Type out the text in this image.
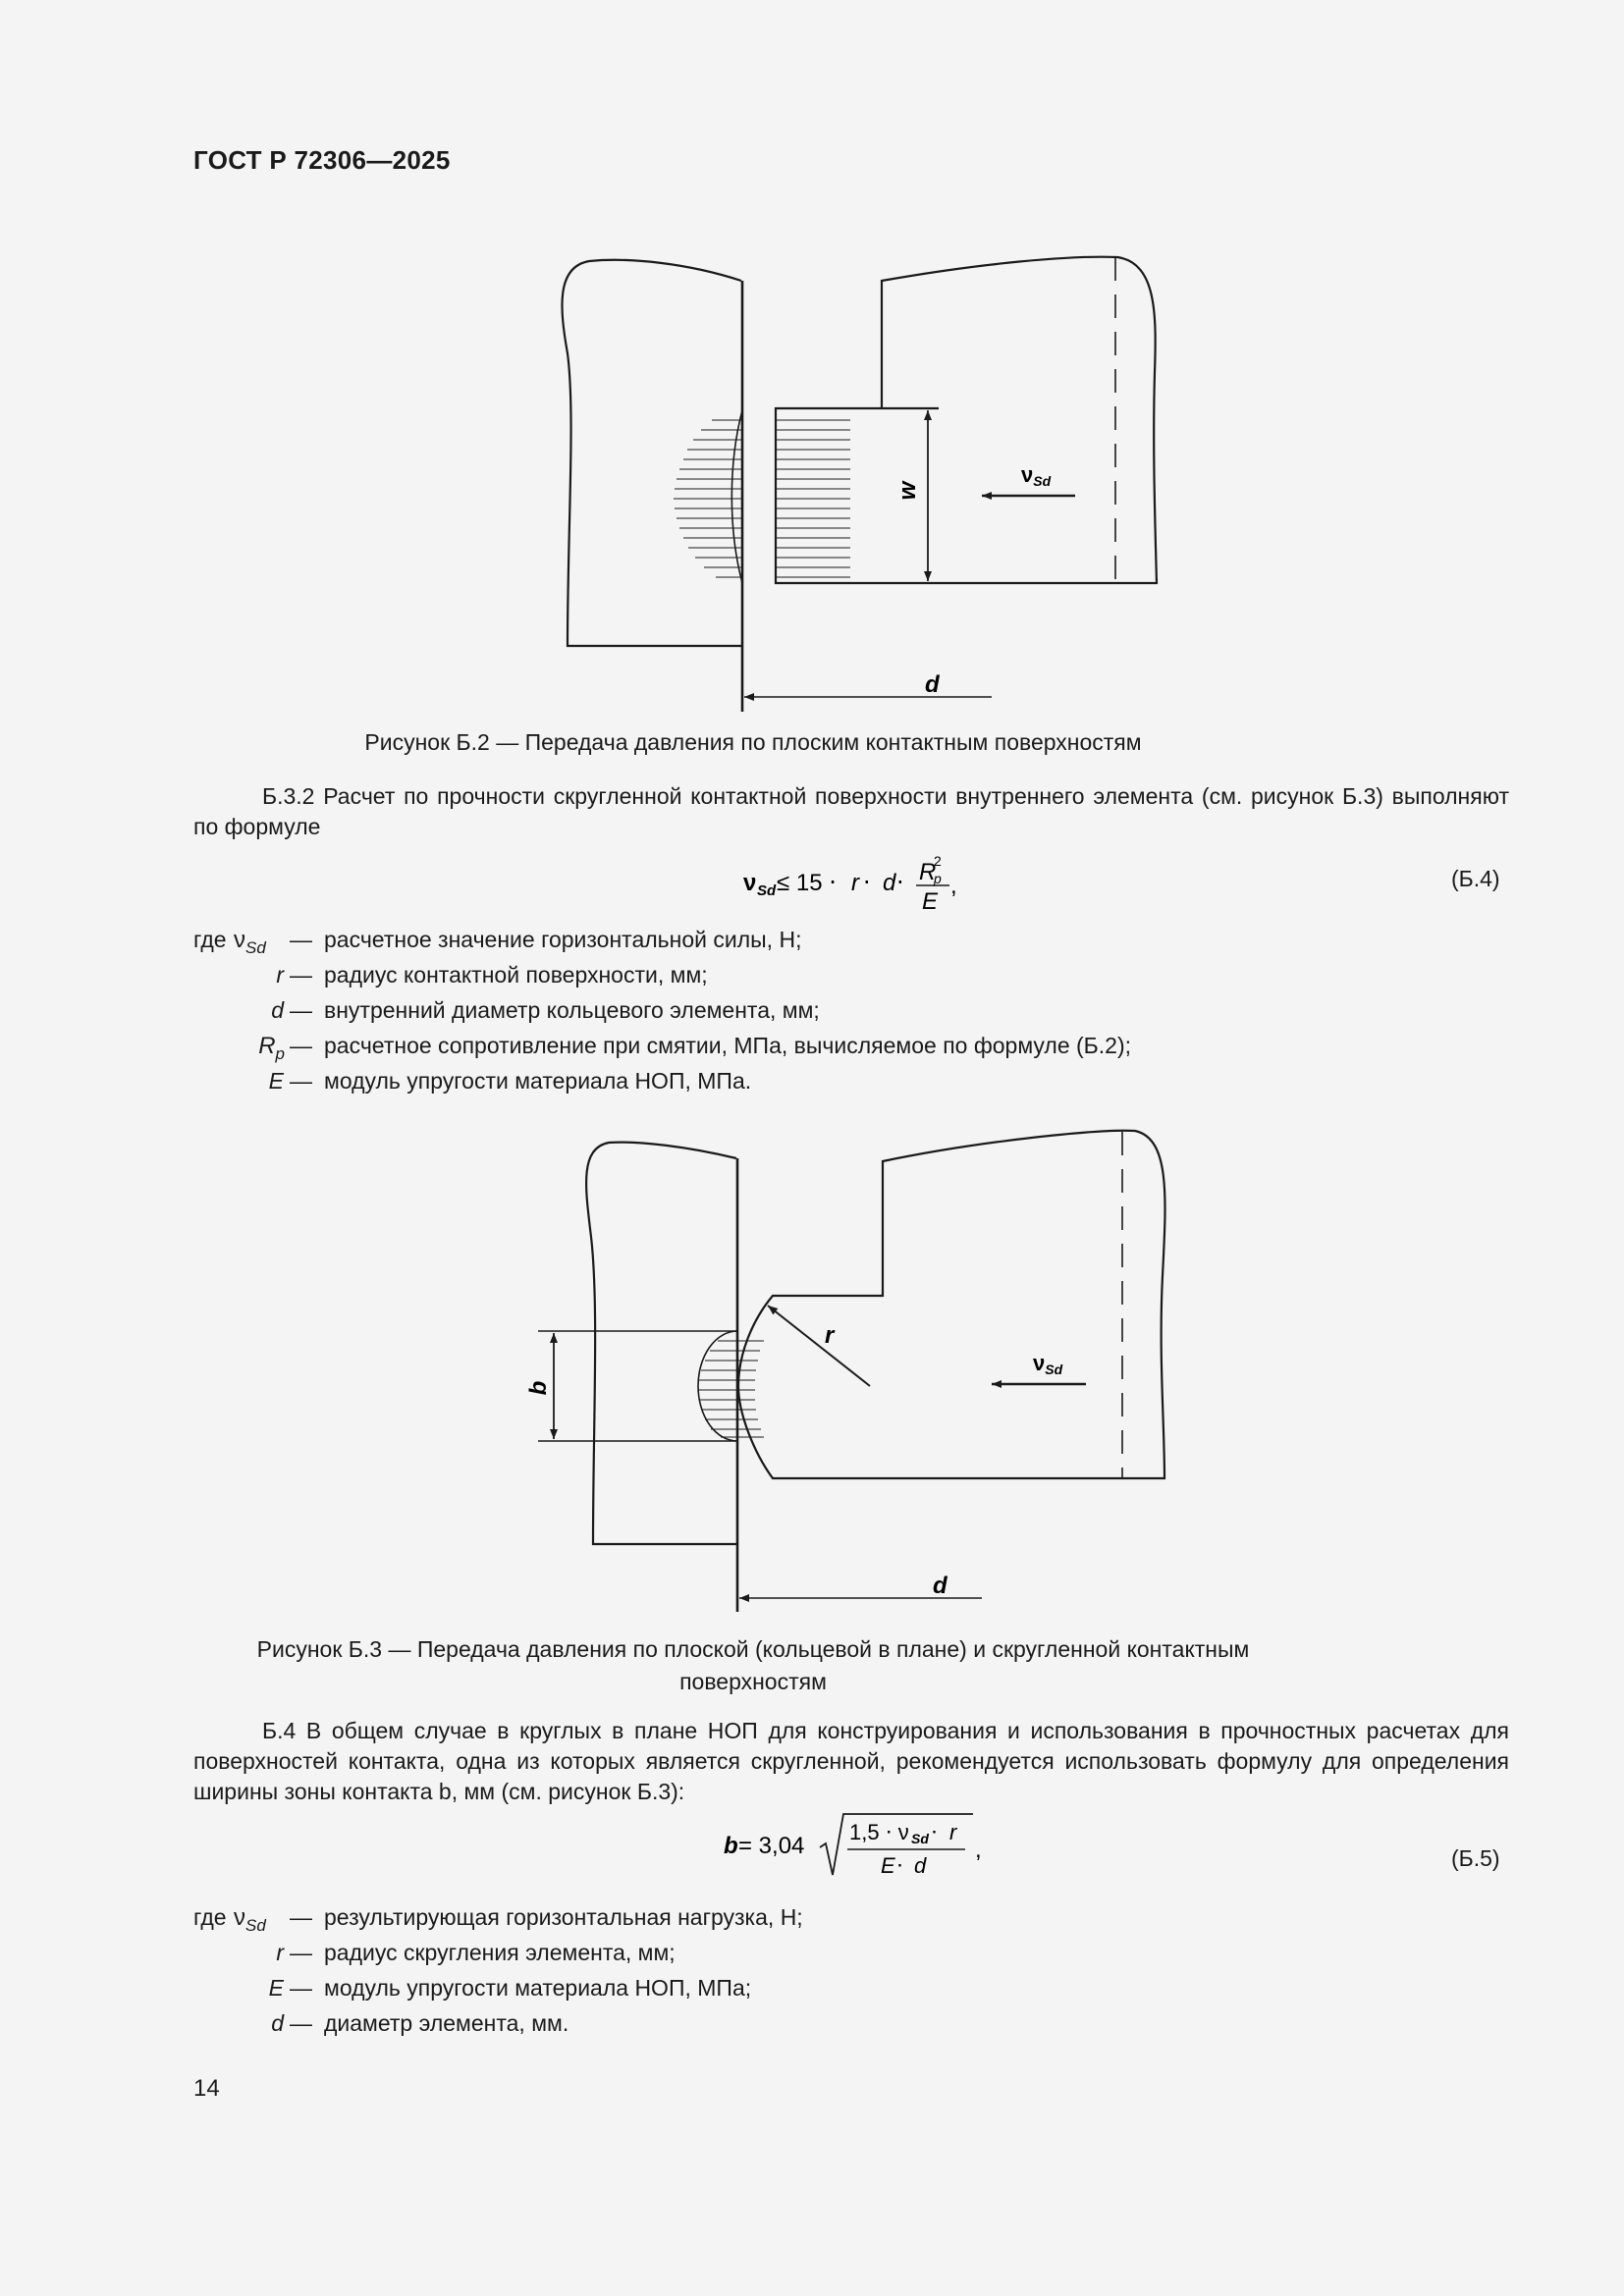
ГОСТ Р 72306—2025
w
νSd
d
Рисунок Б.2 — Передача давления по плоским контактным поверхностям
Б.3.2 Расчет по прочности скругленной контактной поверхности внутреннего элемента (см. рисунок Б.3) выполняют по формуле
ν Sd ≤ 15 ⋅ r ⋅ d ⋅ R
p
2
E
,	(Б.4)
где $\nu_{Sd}$ — расчетное значение горизонтальной силы, Н;
r — радиус контактной поверхности, мм;
d — внутренний диаметр кольцевого элемента, мм;
$R_p$ — расчетное сопротивление при смятии, МПа, вычисляемое по формуле (Б.2);
E — модуль упругости материала НОП, МПа.
b
r
νSd
d
Рисунок Б.3 — Передача давления по плоской (кольцевой в плане) и скругленной контактным
поверхностям
Б.4 В общем случае в круглых в плане НОП для конструирования и использования в прочностных расчетах для поверхностей контакта, одна из которых является скругленной, рекомендуется использовать формулу для определения ширины зоны контакта b, мм (см. рисунок Б.3):
b = 3,04
1,5 ⋅ ν Sd ⋅ r
E ⋅ d
,	(Б.5)
где $\nu_{Sd}$ — результирующая горизонтальная нагрузка, Н;
r — радиус скругления элемента, мм;
E — модуль упругости материала НОП, МПа;
d — диаметр элемента, мм.
14
